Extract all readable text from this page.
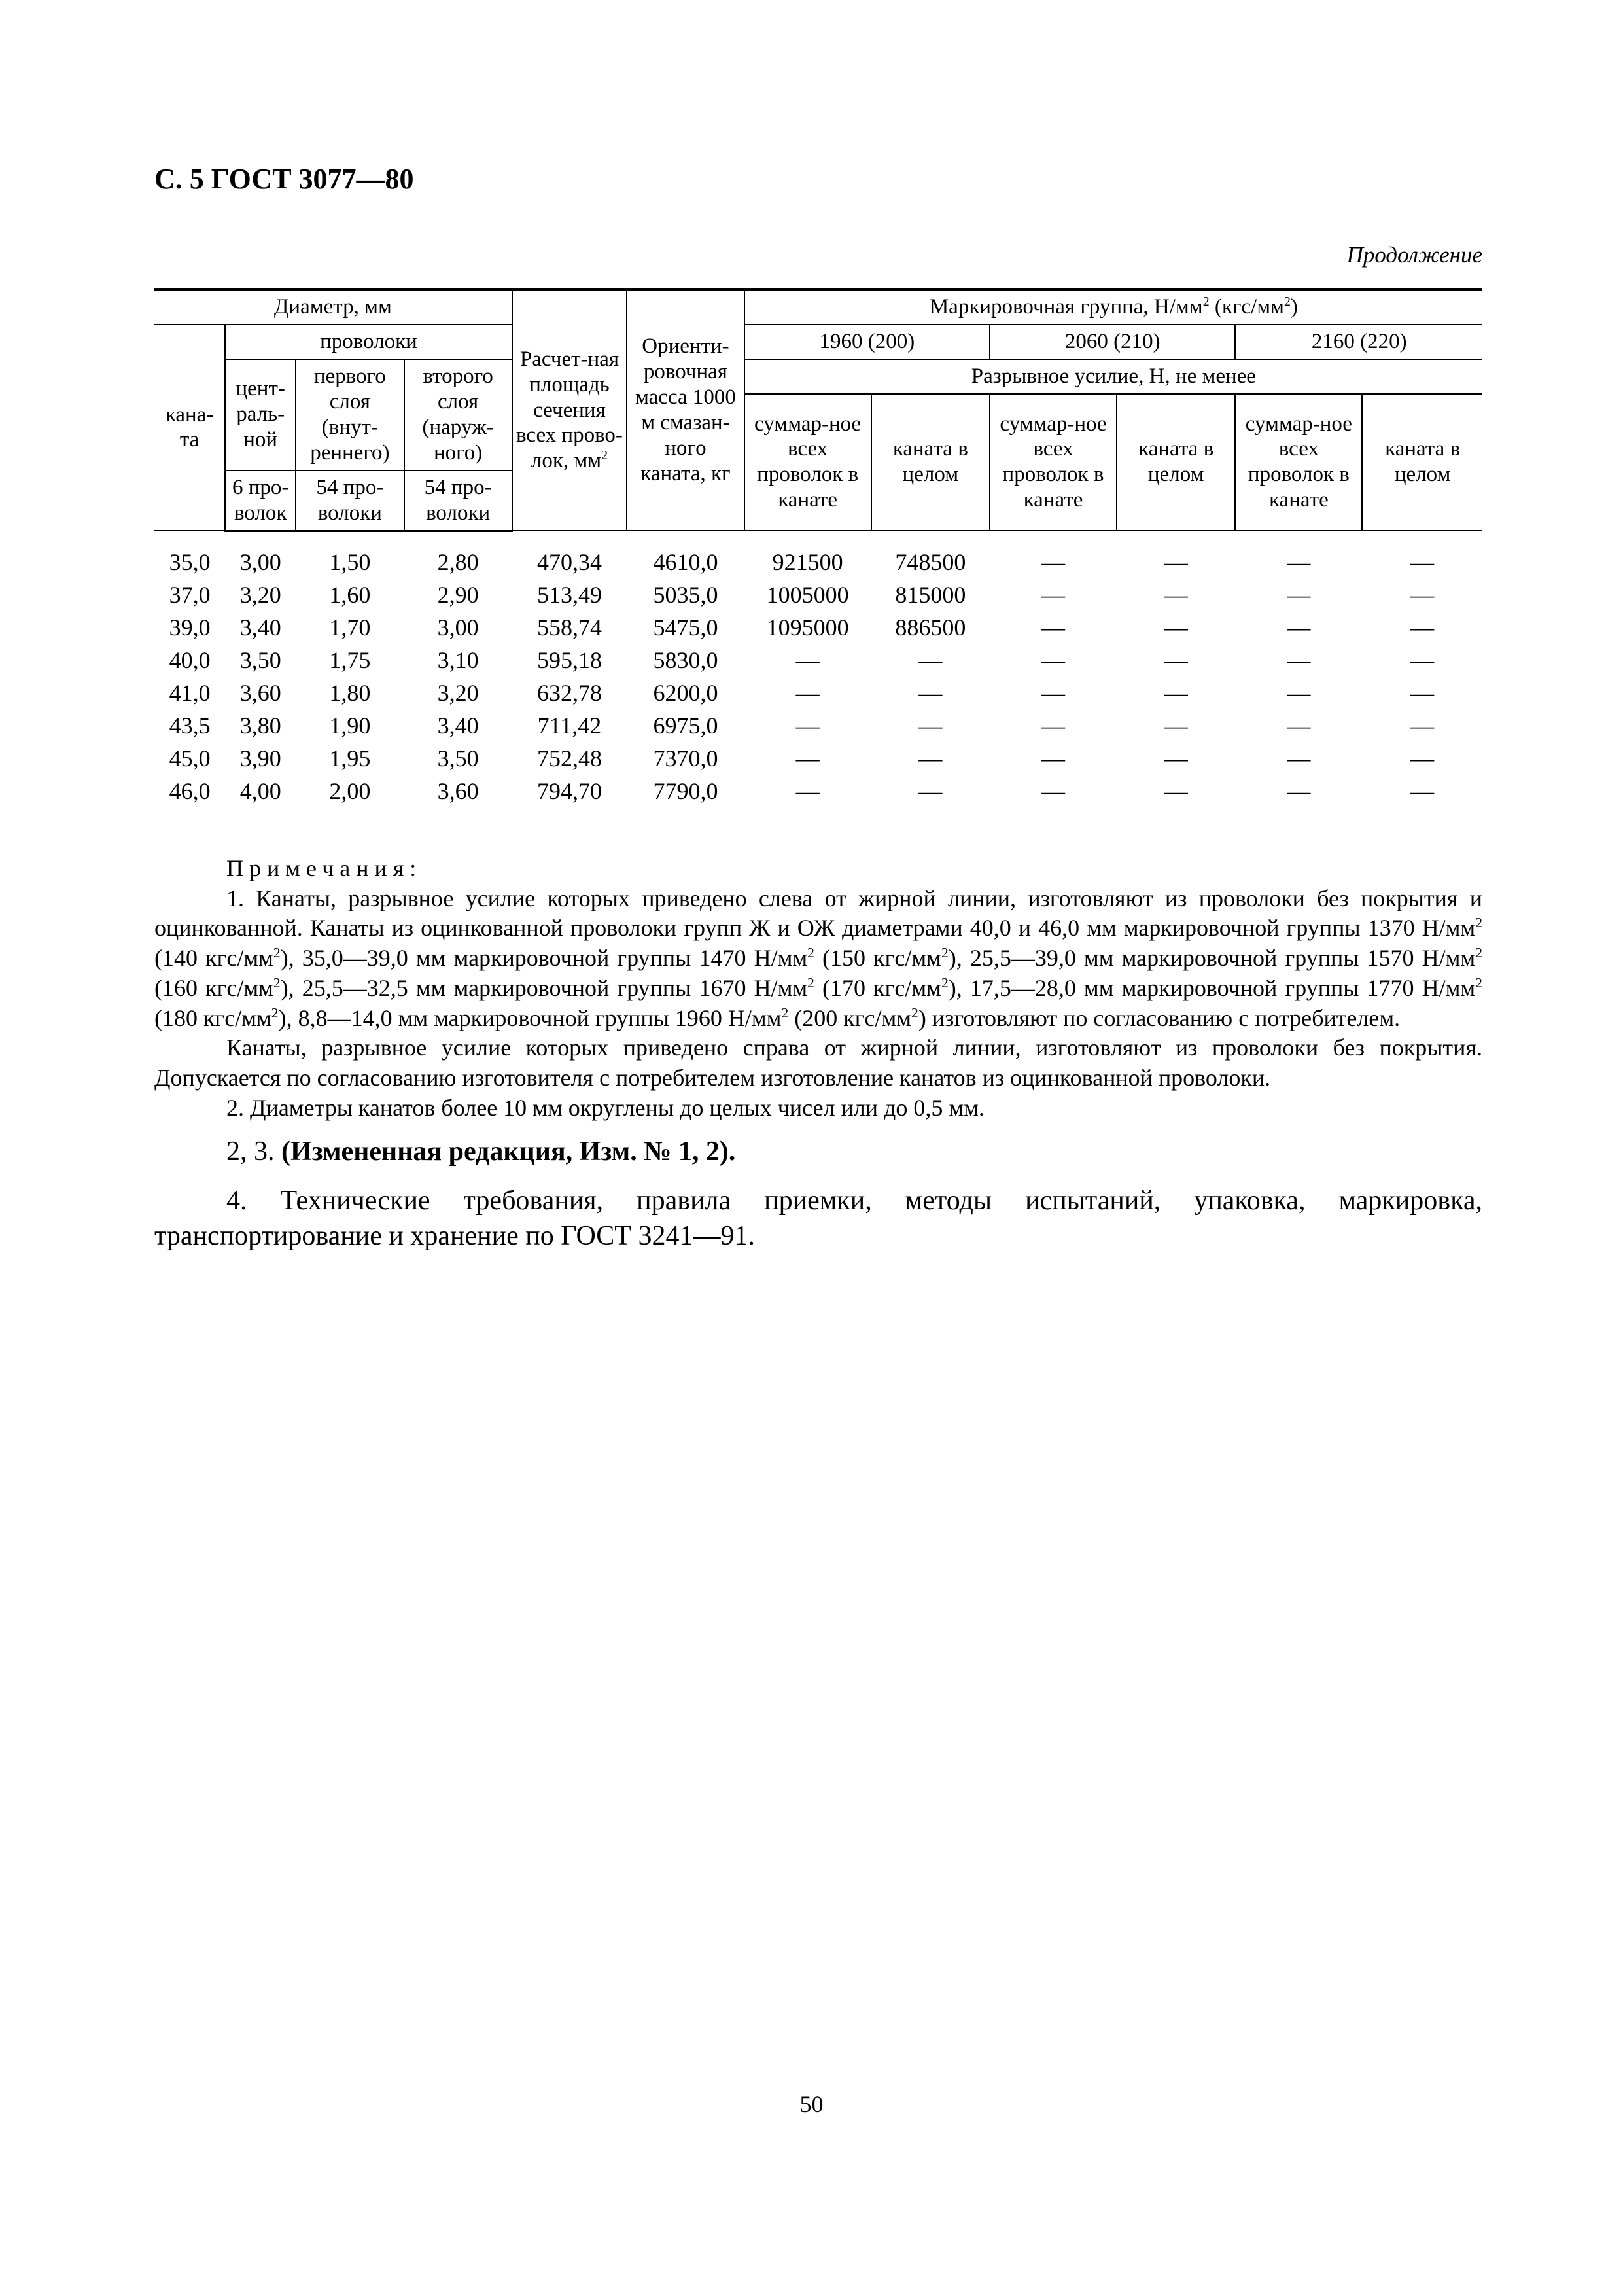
С. 5 ГОСТ 3077—80
Продолжение
Диаметр, мм				Расчет-ная площадь сечения всех прово-лок, $мм^2$	Ориенти-ровочная масса 1000 м смазан-ного каната, кг	Маркировочная группа, $Н/мм^2$ $(кгс/мм^2)$					
кана-та	проволоки					1960 (200)		2060 (210)		2160 (220)	
	цент-раль-ной	первого слоя (внут-реннего)	второго слоя (наруж-ного)			Разрывное усилие, Н, не менее					
						суммар-ное всех проволок в канате	каната в целом	суммар-ное всех проволок в канате	каната в целом	суммар-ное всех проволок в канате	каната в целом
	6 про-волок	54 про-волоки	54 про-волоки								
35,0	3,00	1,50	2,80	470,34	4610,0	921500	748500	—	—	—	—
37,0	3,20	1,60	2,90	513,49	5035,0	1005000	815000	—	—	—	—
39,0	3,40	1,70	3,00	558,74	5475,0	1095000	886500	—	—	—	—
40,0	3,50	1,75	3,10	595,18	5830,0	—	—	—	—	—	—
41,0	3,60	1,80	3,20	632,78	6200,0	—	—	—	—	—	—
43,5	3,80	1,90	3,40	711,42	6975,0	—	—	—	—	—	—
45,0	3,90	1,95	3,50	752,48	7370,0	—	—	—	—	—	—
46,0	4,00	2,00	3,60	794,70	7790,0	—	—	—	—	—	—

Примечания:

1. Канаты, разрывное усилие которых приведено слева от жирной линии, изготовляют из проволоки без покрытия и оцинкованной. Канаты из оцинкованной проволоки групп Ж и ОЖ диаметрами 40,0 и 46,0 мм маркировочной группы 1370 $Н/мм^2$ (140 кгс/$мм^2$), 35,0—39,0 мм маркировочной группы 1470 $Н/мм^2$ (150 кгс/$мм^2$), 25,5—39,0 мм маркировочной группы 1570 $Н/мм^2$ (160 кгс/$мм^2$), 25,5—32,5 мм маркировочной группы 1670 $Н/мм^2$ (170 кгс/$мм^2$), 17,5—28,0 мм маркировочной группы 1770 $Н/мм^2$ (180 кгс/$мм^2$), 8,8—14,0 мм маркировочной группы 1960 $Н/мм^2$ (200 кгс/$мм^2$) изготовляют по согласованию с потребителем.

Канаты, разрывное усилие которых приведено справа от жирной линии, изготовляют из проволоки без покрытия. Допускается по согласованию изготовителя с потребителем изготовление канатов из оцинкованной проволоки.

2. Диаметры канатов более 10 мм округлены до целых чисел или до 0,5 мм.

2, 3. (Измененная редакция, Изм. № 1, 2).

4. Технические требования, правила приемки, методы испытаний, упаковка, маркировка, транспортирование и хранение по ГОСТ 3241—91.

50
